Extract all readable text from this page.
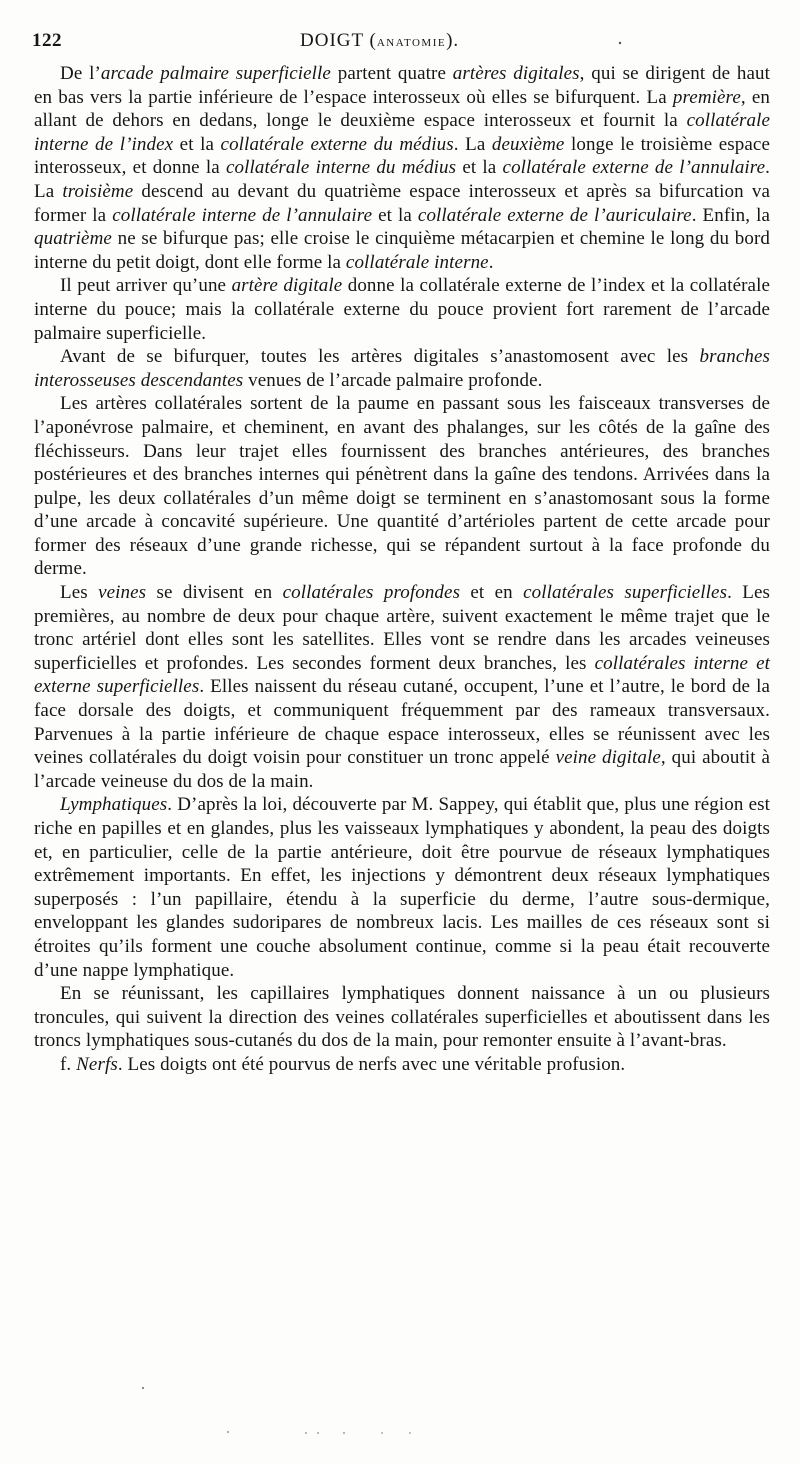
122	DOIGT (anatomie).

De l’arcade palmaire superficielle partent quatre artères digitales, qui se dirigent de haut en bas vers la partie inférieure de l’espace interosseux où elles se bifurquent. La première, en allant de dehors en dedans, longe le deuxième espace interosseux et fournit la collatérale interne de l’index et la collatérale externe du médius. La deuxième longe le troisième espace interosseux, et donne la collatérale interne du médius et la collatérale externe de l’annulaire. La troisième descend au devant du quatrième espace interosseux et après sa bifurcation va former la collatérale interne de l’annulaire et la collatérale externe de l’auriculaire. Enfin, la quatrième ne se bifurque pas; elle croise le cinquième métacarpien et chemine le long du bord interne du petit doigt, dont elle forme la collatérale interne.

Il peut arriver qu’une artère digitale donne la collatérale externe de l’index et la collatérale interne du pouce; mais la collatérale externe du pouce provient fort rarement de l’arcade palmaire superficielle.

Avant de se bifurquer, toutes les artères digitales s’anastomosent avec les branches interosseuses descendantes venues de l’arcade palmaire profonde.

Les artères collatérales sortent de la paume en passant sous les faisceaux transverses de l’aponévrose palmaire, et cheminent, en avant des phalanges, sur les côtés de la gaîne des fléchisseurs. Dans leur trajet elles fournissent des branches antérieures, des branches postérieures et des branches internes qui pénètrent dans la gaîne des tendons. Arrivées dans la pulpe, les deux collatérales d’un même doigt se terminent en s’anastomosant sous la forme d’une arcade à concavité supérieure. Une quantité d’artérioles partent de cette arcade pour former des réseaux d’une grande richesse, qui se répandent surtout à la face profonde du derme.

Les veines se divisent en collatérales profondes et en collatérales superficielles. Les premières, au nombre de deux pour chaque artère, suivent exactement le même trajet que le tronc artériel dont elles sont les satellites. Elles vont se rendre dans les arcades veineuses superficielles et profondes. Les secondes forment deux branches, les collatérales interne et externe superficielles. Elles naissent du réseau cutané, occupent, l’une et l’autre, le bord de la face dorsale des doigts, et communiquent fréquemment par des rameaux transversaux. Parvenues à la partie inférieure de chaque espace interosseux, elles se réunissent avec les veines collatérales du doigt voisin pour constituer un tronc appelé veine digitale, qui aboutit à l’arcade veineuse du dos de la main.

Lymphatiques. D’après la loi, découverte par M. Sappey, qui établit que, plus une région est riche en papilles et en glandes, plus les vaisseaux lymphatiques y abondent, la peau des doigts et, en particulier, celle de la partie antérieure, doit être pourvue de réseaux lymphatiques extrêmement importants. En effet, les injections y démontrent deux réseaux lymphatiques superposés : l’un papillaire, étendu à la superficie du derme, l’autre sous-dermique, enveloppant les glandes sudoripares de nombreux lacis. Les mailles de ces réseaux sont si étroites qu’ils forment une couche absolument continue, comme si la peau était recouverte d’une nappe lymphatique.

En se réunissant, les capillaires lymphatiques donnent naissance à un ou plusieurs troncules, qui suivent la direction des veines collatérales superficielles et aboutissent dans les troncs lymphatiques sous-cutanés du dos de la main, pour remonter ensuite à l’avant-bras.

f. Nerfs. Les doigts ont été pourvus de nerfs avec une véritable profusion.
